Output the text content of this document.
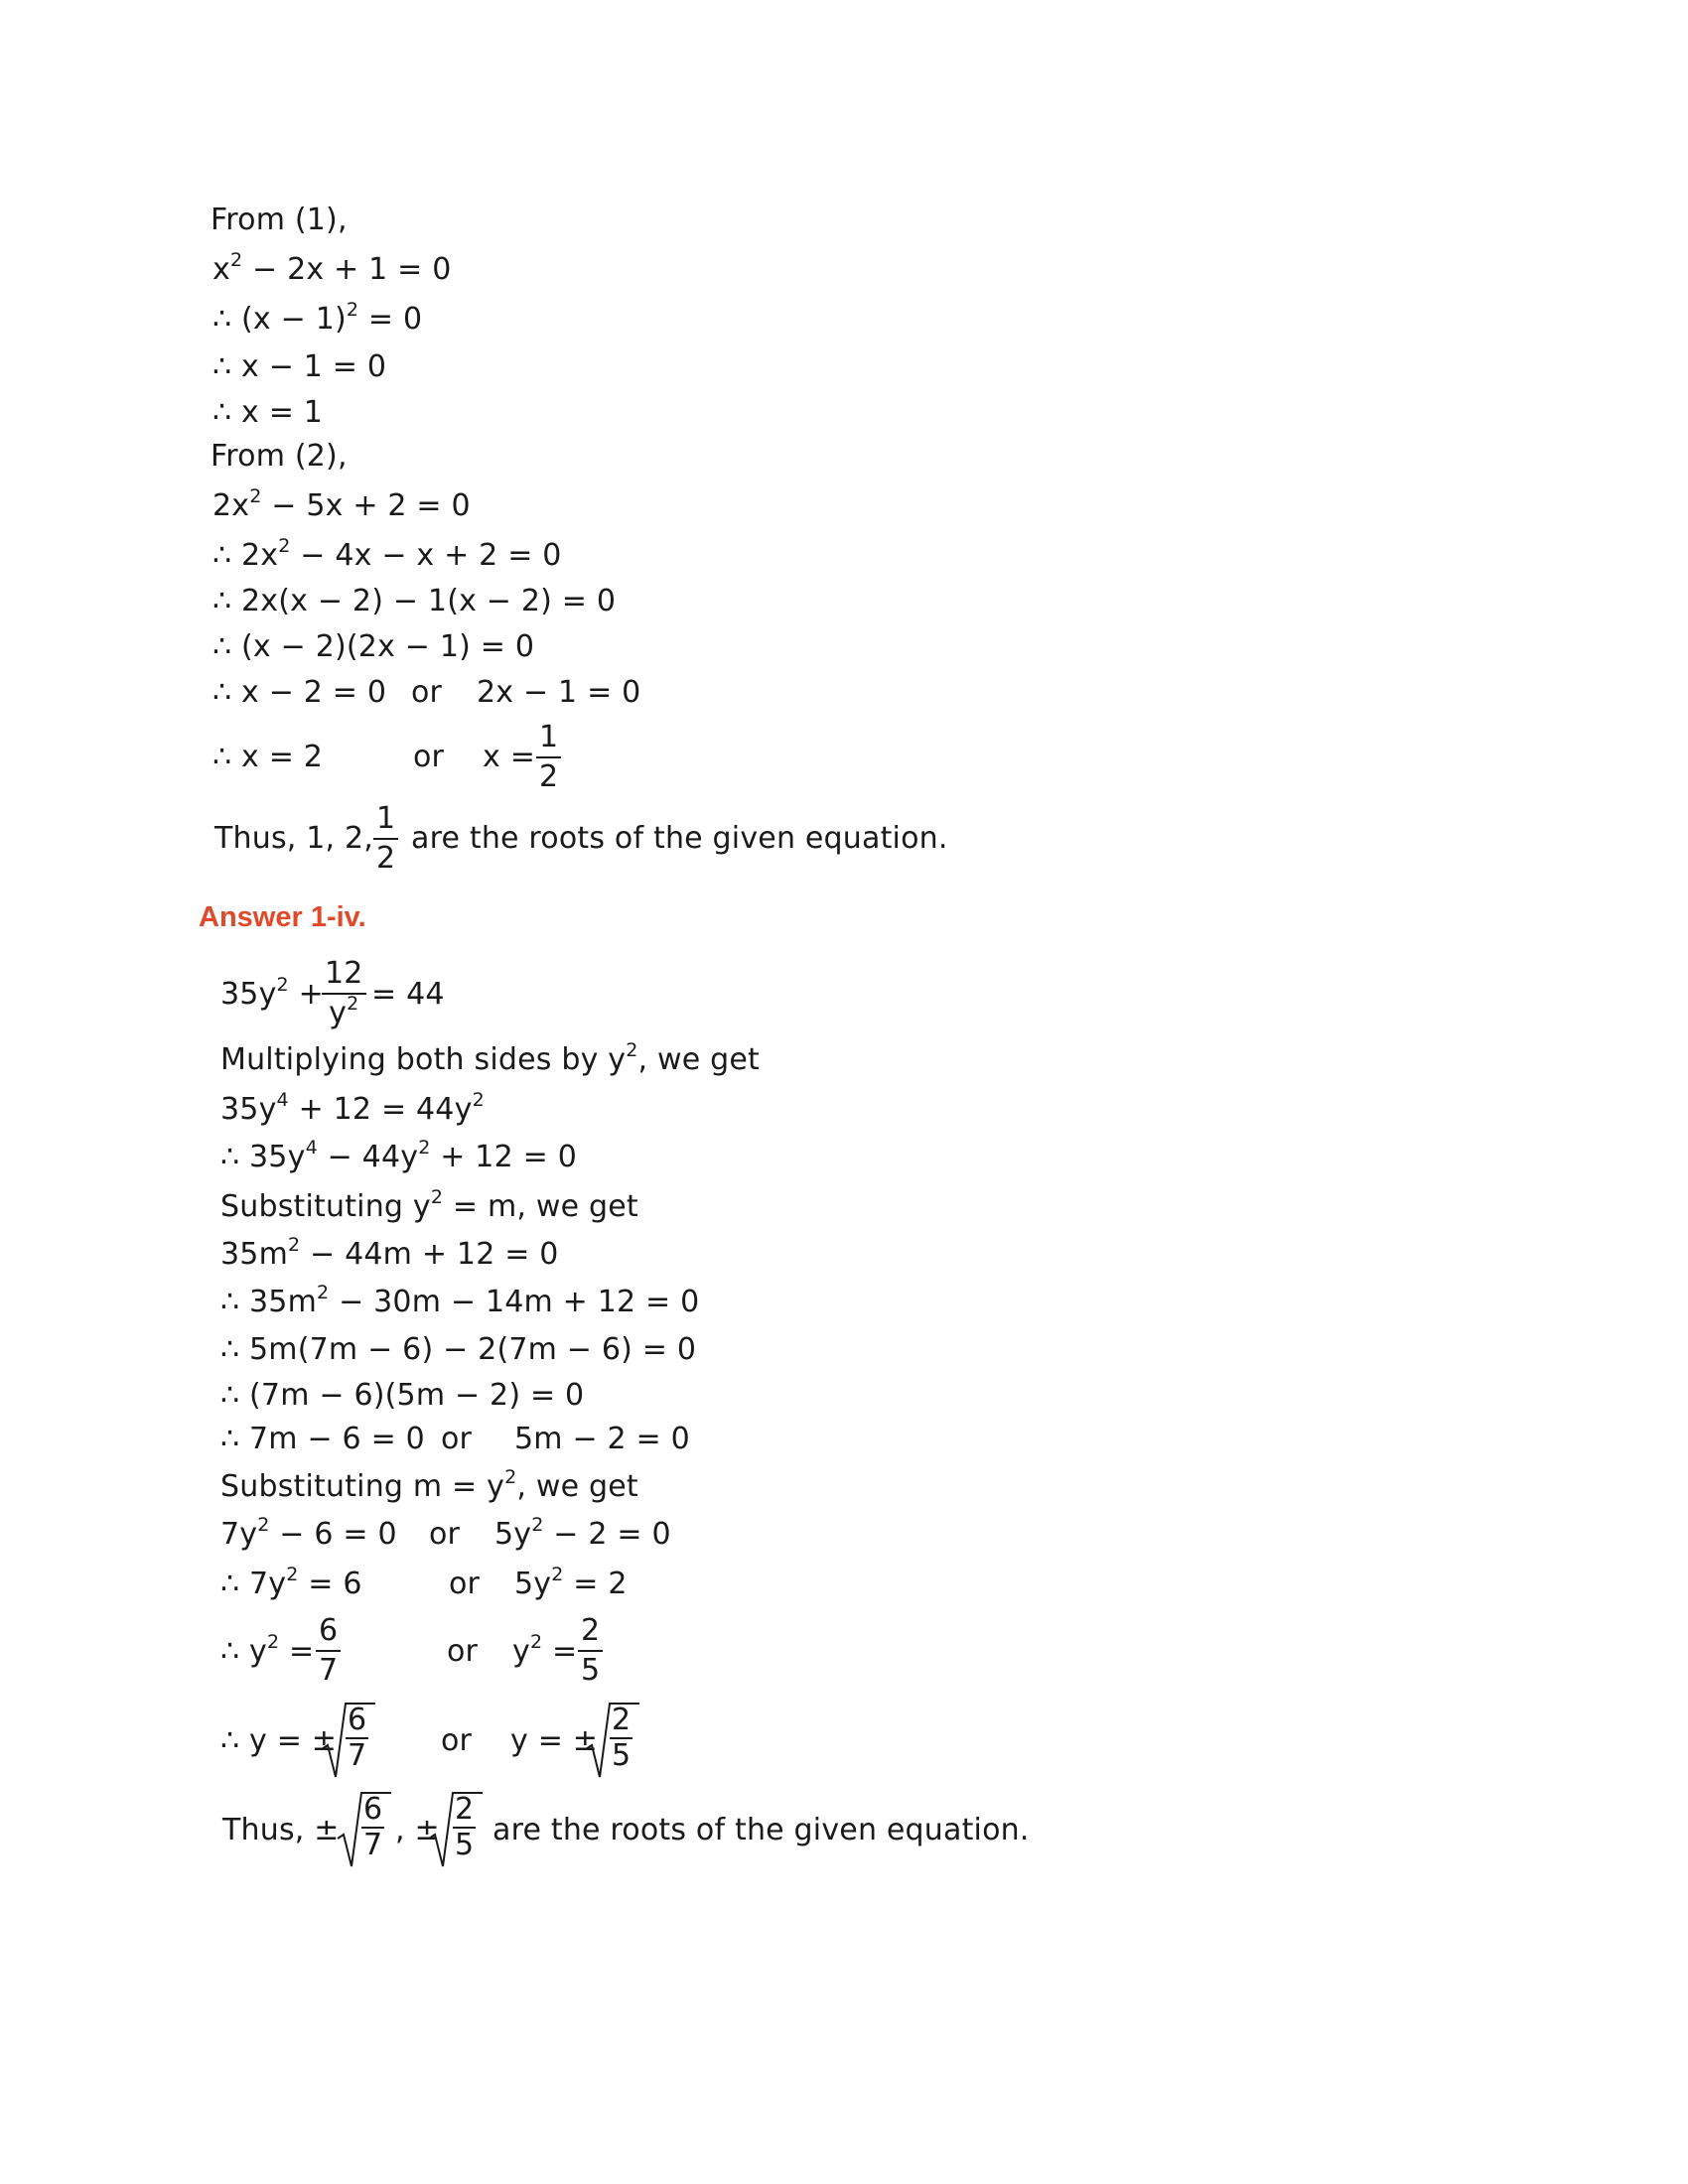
From (1),
$x^2 - 2x + 1 = 0$
∴ $(x - 1)^2 = 0$
∴ x − 1 = 0
∴ x = 1
From (2),
$2x^2 - 5x + 2 = 0$
∴ $2x^2 - 4x - x + 2 = 0$
∴ 2x(x − 2) − 1(x − 2) = 0
∴ (x − 2)(2x − 1) = 0
∴ x − 2 = 0 or 2x − 1 = 0
∴ x = 2	or $x = \frac{1}{2}$
Thus, 1, 2, $\frac{1}{2}$ are the roots of the given equation.
Answer 1-iv.
$35y^2$ +
$\frac{12}{y^2} = 44$
Multiplying both sides by $y^2$, we get
$35y^4 + 12 = 44y^2$
∴ $35y^4 - 44y^2 + 12 = 0$
Substituting $y^2 = m$, we get
$35m^2 - 44m + 12 = 0$
∴ $35m^2 - 30m - 14m + 12 = 0$
∴ 5m(7m − 6) − 2(7m − 6) = 0
∴ (7m − 6)(5m − 2) = 0
∴ 7m − 6 = 0 or 5m − 2 = 0
Substituting $m = y^2$, we get
$7y^2 - 6 = 0$ or $5y^2 - 2 = 0$
∴ $7y^2 = 6$	or $5y^2 = 2$
∴ $y^2 = \frac{6}{7}$	or $y^2 = \frac{2}{5}$
∴ y = ± $\frac{6}{7}$ or y = ± $\frac{2}{5}$
Thus, ± $\frac{6}{7}$ , ± $\frac{2}{5}$ are the roots of the given equation.
